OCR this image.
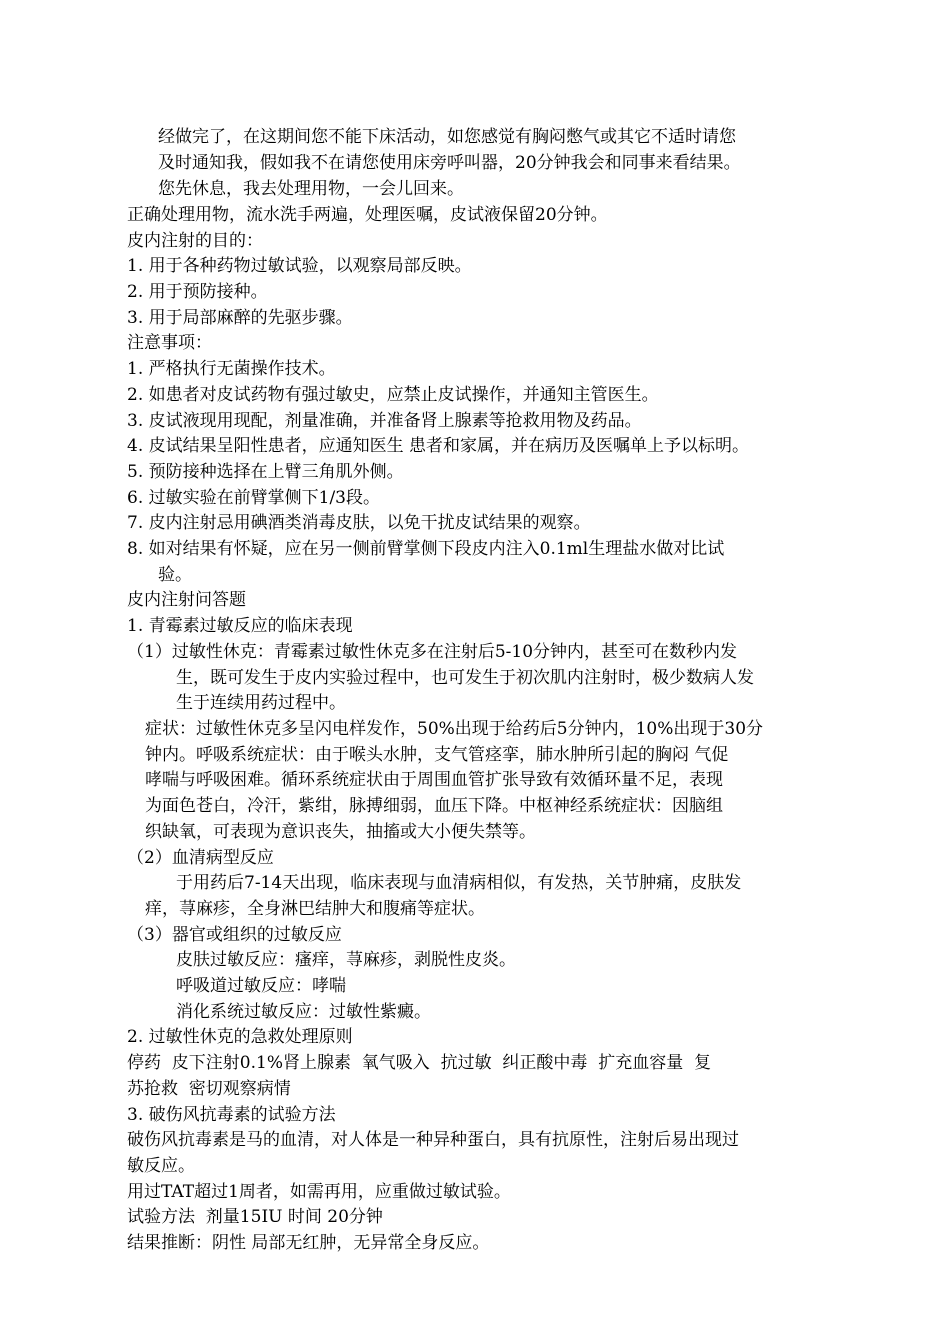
经做完了，在这期间您不能下床活动，如您感觉有胸闷憋气或其它不适时请您
及时通知我，假如我不在请您使用床旁呼叫器，20分钟我会和同事来看结果。
您先休息，我去处理用物，一会儿回来。
正确处理用物，流水洗手两遍，处理医嘱，皮试液保留20分钟。
皮内注射的目的：
1. 用于各种药物过敏试验，以观察局部反映。
2. 用于预防接种。
3. 用于局部麻醉的先驱步骤。
注意事项：
1. 严格执行无菌操作技术。
2. 如患者对皮试药物有强过敏史，应禁止皮试操作，并通知主管医生。
3. 皮试液现用现配，剂量准确，并准备肾上腺素等抢救用物及药品。
4. 皮试结果呈阳性患者，应通知医生 患者和家属，并在病历及医嘱单上予以标明。
5. 预防接种选择在上臂三角肌外侧。
6. 过敏实验在前臂掌侧下1/3段。
7. 皮内注射忌用碘酒类消毒皮肤，以免干扰皮试结果的观察。
8. 如对结果有怀疑，应在另一侧前臂掌侧下段皮内注入0.1ml生理盐水做对比试
验。
皮内注射问答题
1. 青霉素过敏反应的临床表现
（1）过敏性休克：青霉素过敏性休克多在注射后5-10分钟内，甚至可在数秒内发
生，既可发生于皮内实验过程中，也可发生于初次肌内注射时，极少数病人发
生于连续用药过程中。
症状：过敏性休克多呈闪电样发作，50%出现于给药后5分钟内，10%出现于30分
钟内。呼吸系统症状：由于喉头水肿，支气管痉挛，肺水肿所引起的胸闷 气促
哮喘与呼吸困难。循环系统症状由于周围血管扩张导致有效循环量不足，表现
为面色苍白，冷汗，紫绀，脉搏细弱，血压下降。中枢神经系统症状：因脑组
织缺氧，可表现为意识丧失，抽搐或大小便失禁等。
（2）血清病型反应
于用药后7-14天出现，临床表现与血清病相似，有发热，关节肿痛，皮肤发
痒，荨麻疹，全身淋巴结肿大和腹痛等症状。
（3）器官或组织的过敏反应
皮肤过敏反应：瘙痒，荨麻疹，剥脱性皮炎。
呼吸道过敏反应：哮喘
消化系统过敏反应：过敏性紫癜。
2. 过敏性休克的急救处理原则
停药  皮下注射0.1%肾上腺素  氧气吸入  抗过敏  纠正酸中毒  扩充血容量  复
苏抢救  密切观察病情
3. 破伤风抗毒素的试验方法
破伤风抗毒素是马的血清，对人体是一种异种蛋白，具有抗原性，注射后易出现过
敏反应。
用过TAT超过1周者，如需再用，应重做过敏试验。
试验方法  剂量15IU 时间 20分钟
结果推断：阴性 局部无红肿，无异常全身反应。
